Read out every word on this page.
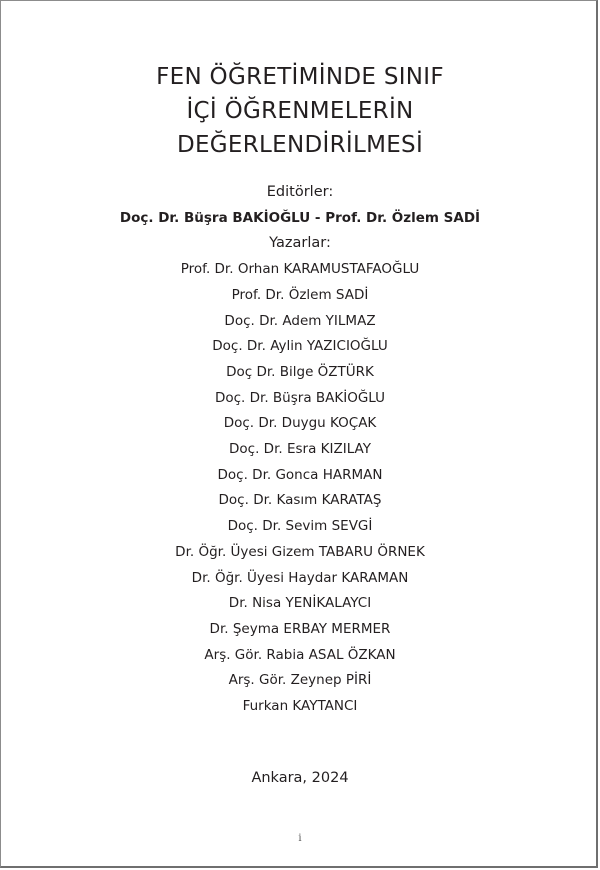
FEN ÖĞRETİMİNDE SINIF
İÇİ ÖĞRENMELERİN
DEĞERLENDİRİLMESİ
Editörler:
Doç. Dr. Büşra BAKİOĞLU - Prof. Dr. Özlem SADİ
Yazarlar:
Prof. Dr. Orhan KARAMUSTAFAOĞLU
Prof. Dr. Özlem SADİ
Doç. Dr. Adem YILMAZ
Doç. Dr. Aylin YAZICIOĞLU
Doç Dr. Bilge ÖZTÜRK
Doç. Dr. Büşra BAKİOĞLU
Doç. Dr. Duygu KOÇAK
Doç. Dr. Esra KIZILAY
Doç. Dr. Gonca HARMAN
Doç. Dr. Kasım KARATAŞ
Doç. Dr. Sevim SEVGİ
Dr. Öğr. Üyesi Gizem TABARU ÖRNEK
Dr. Öğr. Üyesi Haydar KARAMAN
Dr. Nisa YENİKALAYCI
Dr. Şeyma ERBAY MERMER
Arş. Gör. Rabia ASAL ÖZKAN
Arş. Gör. Zeynep PİRİ
Furkan KAYTANCI
Ankara, 2024
i
